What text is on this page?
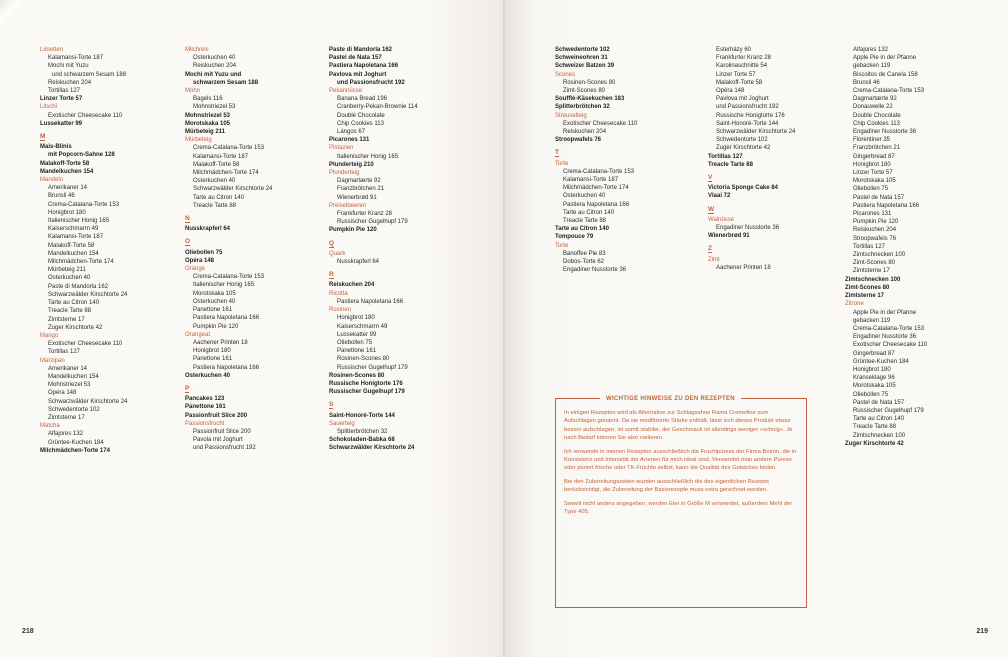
Limetten
Kalamansi-Torte 187
Mochi mit Yuzu
und schwarzem Sesam 188
Reiskuchen 204
Tortillas 127
Linzer Torte 57
Litschi
Exotischer Cheesecake 110
Lussekatter 99
M
Mais-Blinis
mit Popcorn-Sahne 128
Malakoff-Torte 58
Mandelkuchen 154
Mandeln
Amerikaner 14
Brunsli 46
Crema-Catalana-Torte 153
Honigbrot 180
Italienischer Honig 165
Kaiserschmarrn 49
Kalamansi-Torte 187
Malakoff-Torte 58
Mandelkuchen 154
Milchmädchen-Torte 174
Mürbeteig 211
Osterkuchen 40
Paste di Mandorla 162
Schwarzwälder Kirschtorte 24
Tarte au Citron 140
Treacle Tarte 88
Zimtsterne 17
Zuger Kirschtorte 42
Mango
Exotischer Cheesecake 110
Tortillas 127
Marzipan
Amerikaner 14
Mandelkuchen 154
Mohnstriezel 53
Opéra 148
Schwarzwälder Kirschtorte 24
Schwedentorte 102
Zimtsterne 17
Matcha
Alfajores 132
Grüntee-Kuchen 184
Milchmädchen-Torte 174
Milchreis
Osterkuchen 40
Reiskuchen 204
Mochi mit Yuzu und
schwarzem Sesam 188
Mohn
Bagels 116
Mohnstriezel 53
Mohnstriezel 53
Morotskaka 105
Mürbeteig 211
Mürbeteig
Crema-Catalana-Torte 153
Kalamansi-Torte 187
Malakoff-Torte 58
Milchmädchen-Torte 174
Osterkuchen 40
Schwarzwälder Kirschtorte 24
Tarte au Citron 140
Treacle Tarte 88
N
Nusskrapferl 64
O
Oliebollen 75
Opéra 148
Orange
Crema-Catalana-Torte 153
Italienischer Honig 165
Morotskaka 105
Osterkuchen 40
Panettone 161
Pastiera Napoletana 166
Pumpkin Pie 120
Orangeat
Aachener Printen 18
Honigbrot 180
Panettone 161
Pastiera Napoletana 166
Osterkuchen 40
P
Pancakes 123
Panettone 161
Passionfruit Slice 200
Passionsfrucht
Passionfruit Slice 200
Pavola mit Joghurt
und Passionsfrucht 192
Paste di Mandorla 162
Pastel de Nata 157
Pastiera Napoletana 166
Pavlova mit Joghurt
und Passionsfrucht 192
Pekannüsse
Banana Bread 196
Cranberry-Pekan-Brownie 114
Double Chocolate
Chip Cookies 113
Lángos 67
Picarones 131
Pistazien
Italienischer Honig 165
Plunderteig 210
Plunderteig
Dagmartærte 92
Franzbrötchen 21
Wienerbrød 91
Preiselbeeren
Frankfurter Kranz 28
Russischer Gugelhupf 179
Pumpkin Pie 120
Q
Quark
Nusskrapferl 64
R
Reiskuchen 204
Ricotta
Pastiera Napoletana 166
Rosinen
Honigbrot 180
Kaiserschmarrn 49
Lussekatter 99
Oliebollen 75
Panettone 161
Rosinen-Scones 80
Russischer Gugelhupf 179
Rosinen-Scones 80
Russische Honigtorte 176
Russischer Gugelhupf 179
S
Saint-Honoré-Torte 144
Sauerteig
Splitterbrötchen 32
Schokoladen-Babka 68
Schwarzwälder Kirschtorte 24
218
Schwedentorte 102
Schweineohren 31
Schweizer Batzen 39
Scones
Rosinen-Scones 80
Zimt-Scones 80
Soufflé-Käsekuchen 183
Splitterbrötchen 32
Streuselteig
Exotischer Cheesecake 110
Reiskuchen 204
Stroopwafels 76
T
Torte
Crema-Catalana-Torte 153
Kalamansi-Torte 187
Milchmädchen-Torte 174
Osterkuchen 40
Pastiera Napoletana 166
Tarte au Citron 140
Treacle Tarte 88
Tarte au Citron 140
Tompouce 79
Torte
Banoffee Pie 83
Dobos-Torte 62
Engadiner Nusstorte 36
Esterházy 60
Frankfurter Kranz 28
Karolinaschnitte 54
Linzer Torte 57
Malakoff-Torte 58
Opéra 148
Pavlova mit Joghurt
und Passionsfrucht 192
Russische Honigtorte 176
Saint-Honoré-Torte 144
Schwarzwälder Kirschtorte 24
Schwedentorte 102
Zuger Kirschtorte 42
Tortillas 127
Treacle Tarte 88
V
Victoria Sponge Cake 84
Vlaai 72
W
Walnüsse
Engadiner Nusstorte 36
Wienerbrød 91
Z
Zimt
Aachener Printen 18
Alfajores 132
Apple Pie in der Pfanne
gebacken 119
Biscoitos de Canela 158
Brunsli 46
Crema-Catalana-Torte 153
Dagmartærte 92
Donauwelle 22
Double Chocolate
Chip Cookies 113
Engadiner Nusstorte 36
Florentiner 35
Franzbrötchen 21
Gingerbread 87
Honigbrot 180
Linzer Torte 57
Morotskaka 105
Oliebollen 75
Pastel de Nata 157
Pastiera Napoletana 166
Picarones 131
Pumpkin Pie 120
Reiskuchen 204
Stroopwafels 76
Tortillas 127
Zimtschnecken 100
Zimt-Scones 80
Zimtsterne 17
Zimtschnecken 100
Zimt-Scones 80
Zimtsterne 17
Zitrone
Apple Pie in der Pfanne
gebacken 119
Crema-Catalana-Torte 153
Engadiner Nusstorte 36
Exotischer Cheesecake 110
Gingerbread 87
Grüntee-Kuchen 184
Honigbrot 180
Kranseklage 96
Morotskaka 105
Oliebollen 75
Pastel de Nata 157
Russischer Gugelhupf 179
Tarte au Citron 140
Treacle Tarte 88
Zimtschnecken 100
Zuger Kirschtorte 42
219
WICHTIGE HINWEISE ZU DEN REZEPTEN

In einigen Rezepten wird als Alternative zur Schlagsahne Rama Cremefine zum Aufschlagen genannt. Da sie modifizierte Stärke enthält, lässt sich dieses Produkt etwas besser aufschlagen, ist somit stabiler, der Geschmack ist allerdings weniger »schnig«. Je nach Bedarf können Sie also variieren.

Ich verwende in meinen Rezepten ausschließlich die Fruchtpüress der Firma Boiron, die in Konsistenz und Intensität der Aromen für mich ideal sind. Verwendet man andere Pürees oder püriert frische oder TK-Früchte selbst, kann die Qualität des Gebäckes leiden.

Bei den Zubereitungszeiten wurden ausschließlich die des eigentlichen Rezepts berücksichtigt, die Zubereitung der Basisrezepte muss extra gerechnet werden.

Soweit nicht anders angegeben, werden Eier in Größe M verwendet, außerdem Mehl der Type 405.
